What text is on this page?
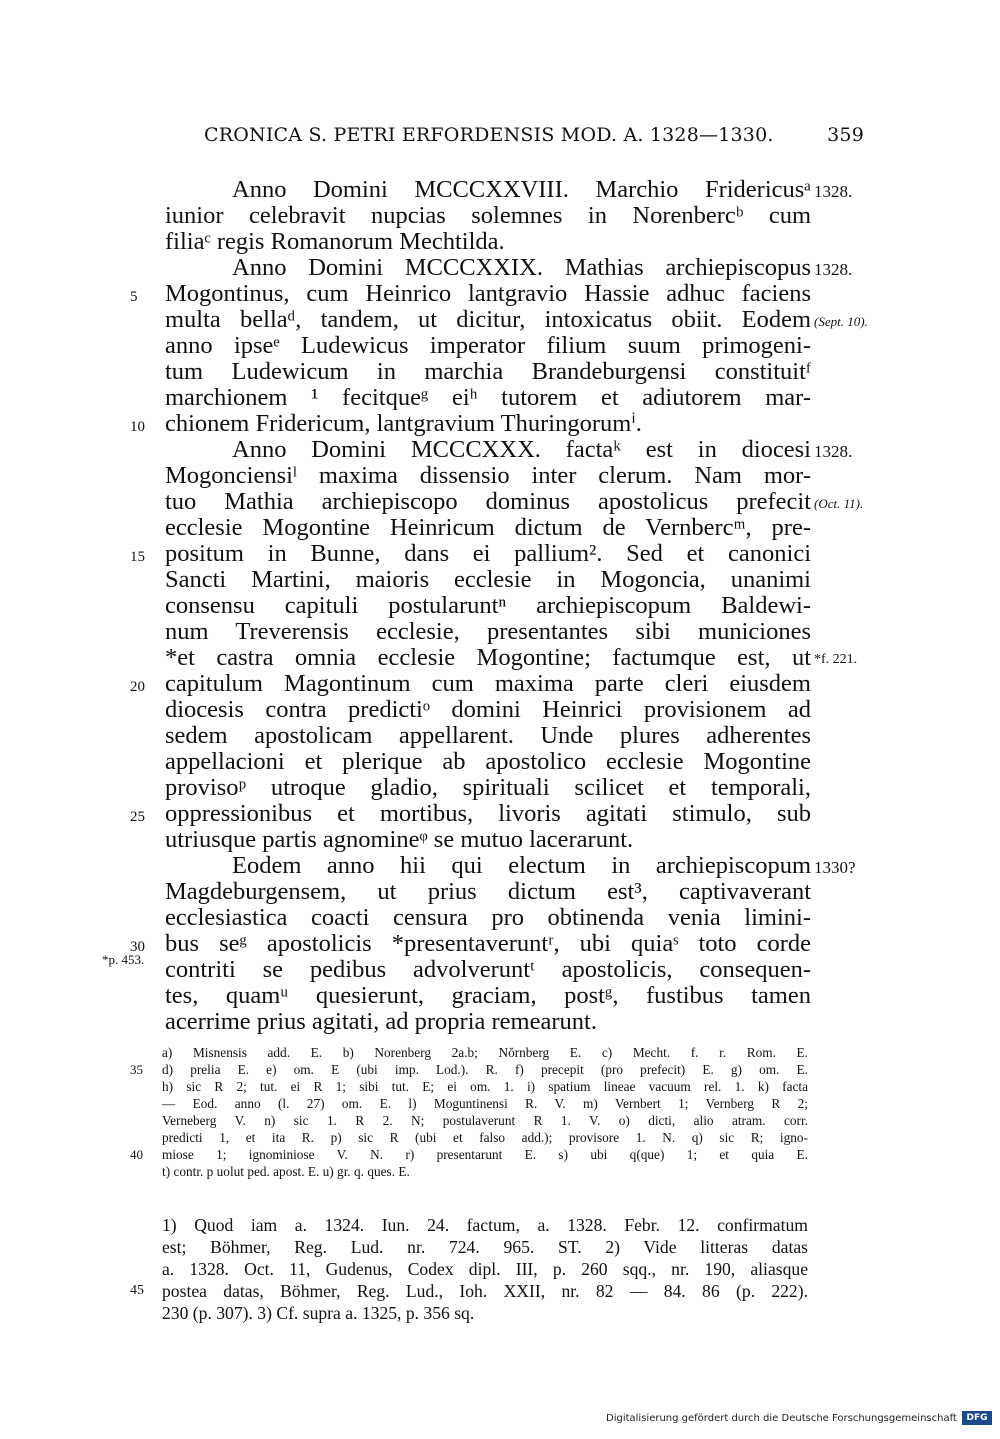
CRONICA S. PETRI ERFORDENSIS MOD. A. 1328—1330.	359
Anno Domini MCCCXXVIII. Marchio Fridericusᵃ
iunior celebravit nupcias solemnes in Norenbercᵇ cum
filiaᶜ regis Romanorum Mechtilda.
Anno Domini MCCCXXIX. Mathias archiepiscopus
Mogontinus, cum Heinrico lantgravio Hassie adhuc faciens
multa bellaᵈ, tandem, ut dicitur, intoxicatus obiit. Eodem
anno ipseᵉ Ludewicus imperator filium suum primogeni-
tum Ludewicum in marchia Brandeburgensi constituitᶠ
marchionem ¹ fecitqueᵍ eiʰ tutorem et adiutorem mar-
chionem Fridericum, lantgravium Thuringorumⁱ.
Anno Domini MCCCXXX. factaᵏ est in diocesi
Mogonciensiˡ maxima dissensio inter clerum. Nam mor-
tuo Mathia archiepiscopo dominus apostolicus prefecit
ecclesie Mogontine Heinricum dictum de Vernbercᵐ, pre-
positum in Bunne, dans ei pallium². Sed et canonici
Sancti Martini, maioris ecclesie in Mogoncia, unanimi
consensu capituli postularuntⁿ archiepiscopum Baldewi-
num Treverensis ecclesie, presentantes sibi municiones
*et castra omnia ecclesie Mogontine; factumque est, ut
capitulum Magontinum cum maxima parte cleri eiusdem
diocesis contra predictiᵒ domini Heinrici provisionem ad
sedem apostolicam appellarent. Unde plures adherentes
appellacioni et plerique ab apostolico ecclesie Mogontine
provisoᵖ utroque gladio, spirituali scilicet et temporali,
oppressionibus et mortibus, livoris agitati stimulo, sub
utriusque partis agnomineᵠ se mutuo lacerarunt.
Eodem anno hii qui electum in archiepiscopum
Magdeburgensem, ut prius dictum est³, captivaverant
ecclesiastica coacti censura pro obtinenda venia limini-
bus seᵍ apostolicis *presentaveruntʳ, ubi quiaˢ toto corde
contriti se pedibus advolveruntᵗ apostolicis, consequen-
tes, quamᵘ quesierunt, graciam, postᵍ, fustibus tamen
acerrime prius agitati, ad propria remearunt.
5
10
15
20
25
30
1328.
1328.
(Sept. 10).
1328.
(Oct. 11).
*f. 221.
1330?
*p. 453.
a) Misnensis add. E. b) Norenberg 2a.b; Nŏrnberg E. c) Mecht. f. r. Rom. E.
d) prelia E. e) om. E (ubi imp. Lod.). R. f) precepit (pro prefecit) E. g) om. E.
h) sic R 2; tut. ei R 1; sibi tut. E; ei om. 1. i) spatium lineae vacuum rel. 1. k) facta
— Eod. anno (l. 27) om. E. l) Moguntinensi R. V. m) Vernbert 1; Vernberg R 2;
Verneberg V. n) sic 1. R 2. N; postulaverunt R 1. V. o) dicti, alio atram. corr.
predicti 1, et ita R. p) sic R (ubi et falso add.); provisore 1. N. q) sic R; igno-
miose 1; ignominiose V. N. r) presentarunt E. s) ubi q(que) 1; et quia E.
t) contr. p uolut ped. apost. E. u) gr. q. ques. E.
35
40
1) Quod iam a. 1324. Iun. 24. factum, a. 1328. Febr. 12. confirmatum
est; Böhmer, Reg. Lud. nr. 724. 965. ST. 2) Vide litteras datas
a. 1328. Oct. 11, Gudenus, Codex dipl. III, p. 260 sqq., nr. 190, aliasque
postea datas, Böhmer, Reg. Lud., Ioh. XXII, nr. 82 — 84. 86 (p. 222).
230 (p. 307). 3) Cf. supra a. 1325, p. 356 sq.
45
Digitalisierung gefördert durch die Deutsche Forschungsgemeinschaft	DFG
